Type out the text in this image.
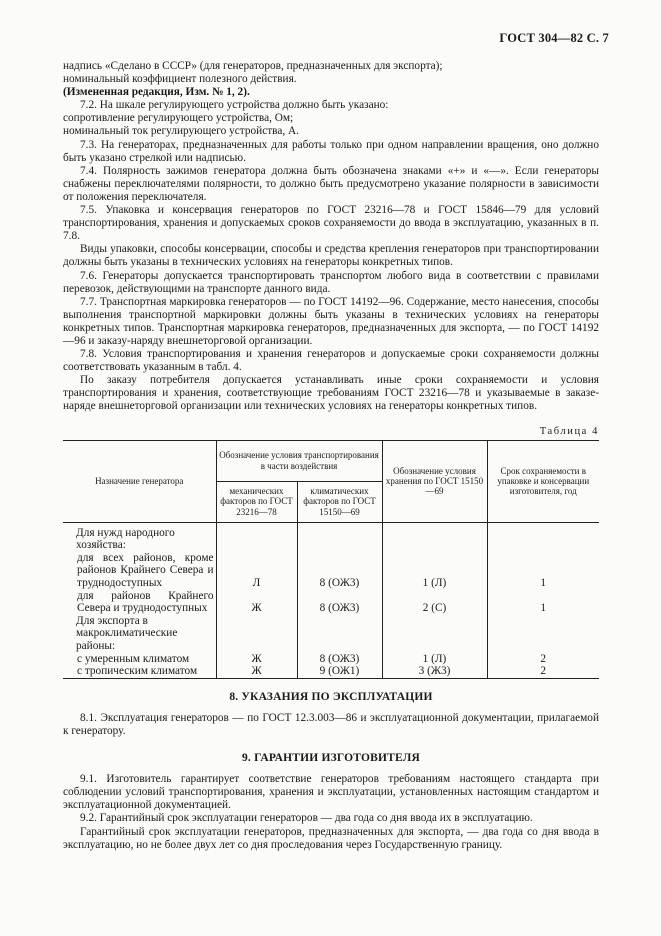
ГОСТ 304—82 С. 7

надпись «Сделано в СССР» (для генераторов, предназначенных для экспорта);

номинальный коэффициент полезного действия.

(Измененная редакция, Изм. № 1, 2).

7.2. На шкале регулирующего устройства должно быть указано:

сопротивление регулирующего устройства, Ом;

номинальный ток регулирующего устройства, А.

7.3. На генераторах, предназначенных для работы только при одном направлении вращения, оно должно быть указано стрелкой или надписью.

7.4. Полярность зажимов генератора должна быть обозначена знаками «+» и «—». Если генераторы снабжены переключателями полярности, то должно быть предусмотрено указание полярности в зависимости от положения переключателя.

7.5. Упаковка и консервация генераторов по ГОСТ 23216—78 и ГОСТ 15846—79 для условий транспортирования, хранения и допускаемых сроков сохраняемости до ввода в эксплуатацию, указанных в п. 7.8.

Виды упаковки, способы консервации, способы и средства крепления генераторов при транспортировании должны быть указаны в технических условиях на генераторы конкретных типов.

7.6. Генераторы допускается транспортировать транспортом любого вида в соответствии с правилами перевозок, действующими на транспорте данного вида.

7.7. Транспортная маркировка генераторов — по ГОСТ 14192—96. Содержание, место нанесения, способы выполнения транспортной маркировки должны быть указаны в технических условиях на генераторы конкретных типов. Транспортная маркировка генераторов, предназначенных для экспорта, — по ГОСТ 14192—96 и заказу-наряду внешнеторговой организации.

7.8. Условия транспортирования и хранения генераторов и допускаемые сроки сохраняемости должны соответствовать указанным в табл. 4.

По заказу потребителя допускается устанавливать иные сроки сохраняемости и условия транспортирования и хранения, соответствующие требованиям ГОСТ 23216—78 и указываемые в заказе-наряде внешнеторговой организации или технических условиях на генераторы конкретных типов.

Таблица 4
Назначение генератора	Обозначение условия транспортирования в части воздействия		Обозначение условия хранения по ГОСТ 15150—69	Срок сохраняемости в упаковке и консервации изготовителя, год
	механических факторов по ГОСТ 23216—78	климатических факторов по ГОСТ 15150—69		
Для нужд народного хозяйства:				
для всех районов, кроме районов Крайнего Севера и труднодоступных	Л	8 (ОЖ3)	1 (Л)	1
для районов Крайнего Севера и труднодоступных	Ж	8 (ОЖ3)	2 (С)	1
Для экспорта в макроклиматические районы:				
с умеренным климатом	Ж	8 (ОЖ3)	1 (Л)	2
с тропическим климатом	Ж	9 (ОЖ1)	3 (Ж3)	2
8. УКАЗАНИЯ ПО ЭКСПЛУАТАЦИИ

8.1. Эксплуатация генераторов — по ГОСТ 12.3.003—86 и эксплуатационной документации, прилагаемой к генератору.

9. ГАРАНТИИ ИЗГОТОВИТЕЛЯ

9.1. Изготовитель гарантирует соответствие генераторов требованиям настоящего стандарта при соблюдении условий транспортирования, хранения и эксплуатации, установленных настоящим стандартом и эксплуатационной документацией.

9.2. Гарантийный срок эксплуатации генераторов — два года со дня ввода их в эксплуатацию.

Гарантийный срок эксплуатации генераторов, предназначенных для экспорта, — два года со дня ввода в эксплуатацию, но не более двух лет со дня проследования через Государственную границу.
